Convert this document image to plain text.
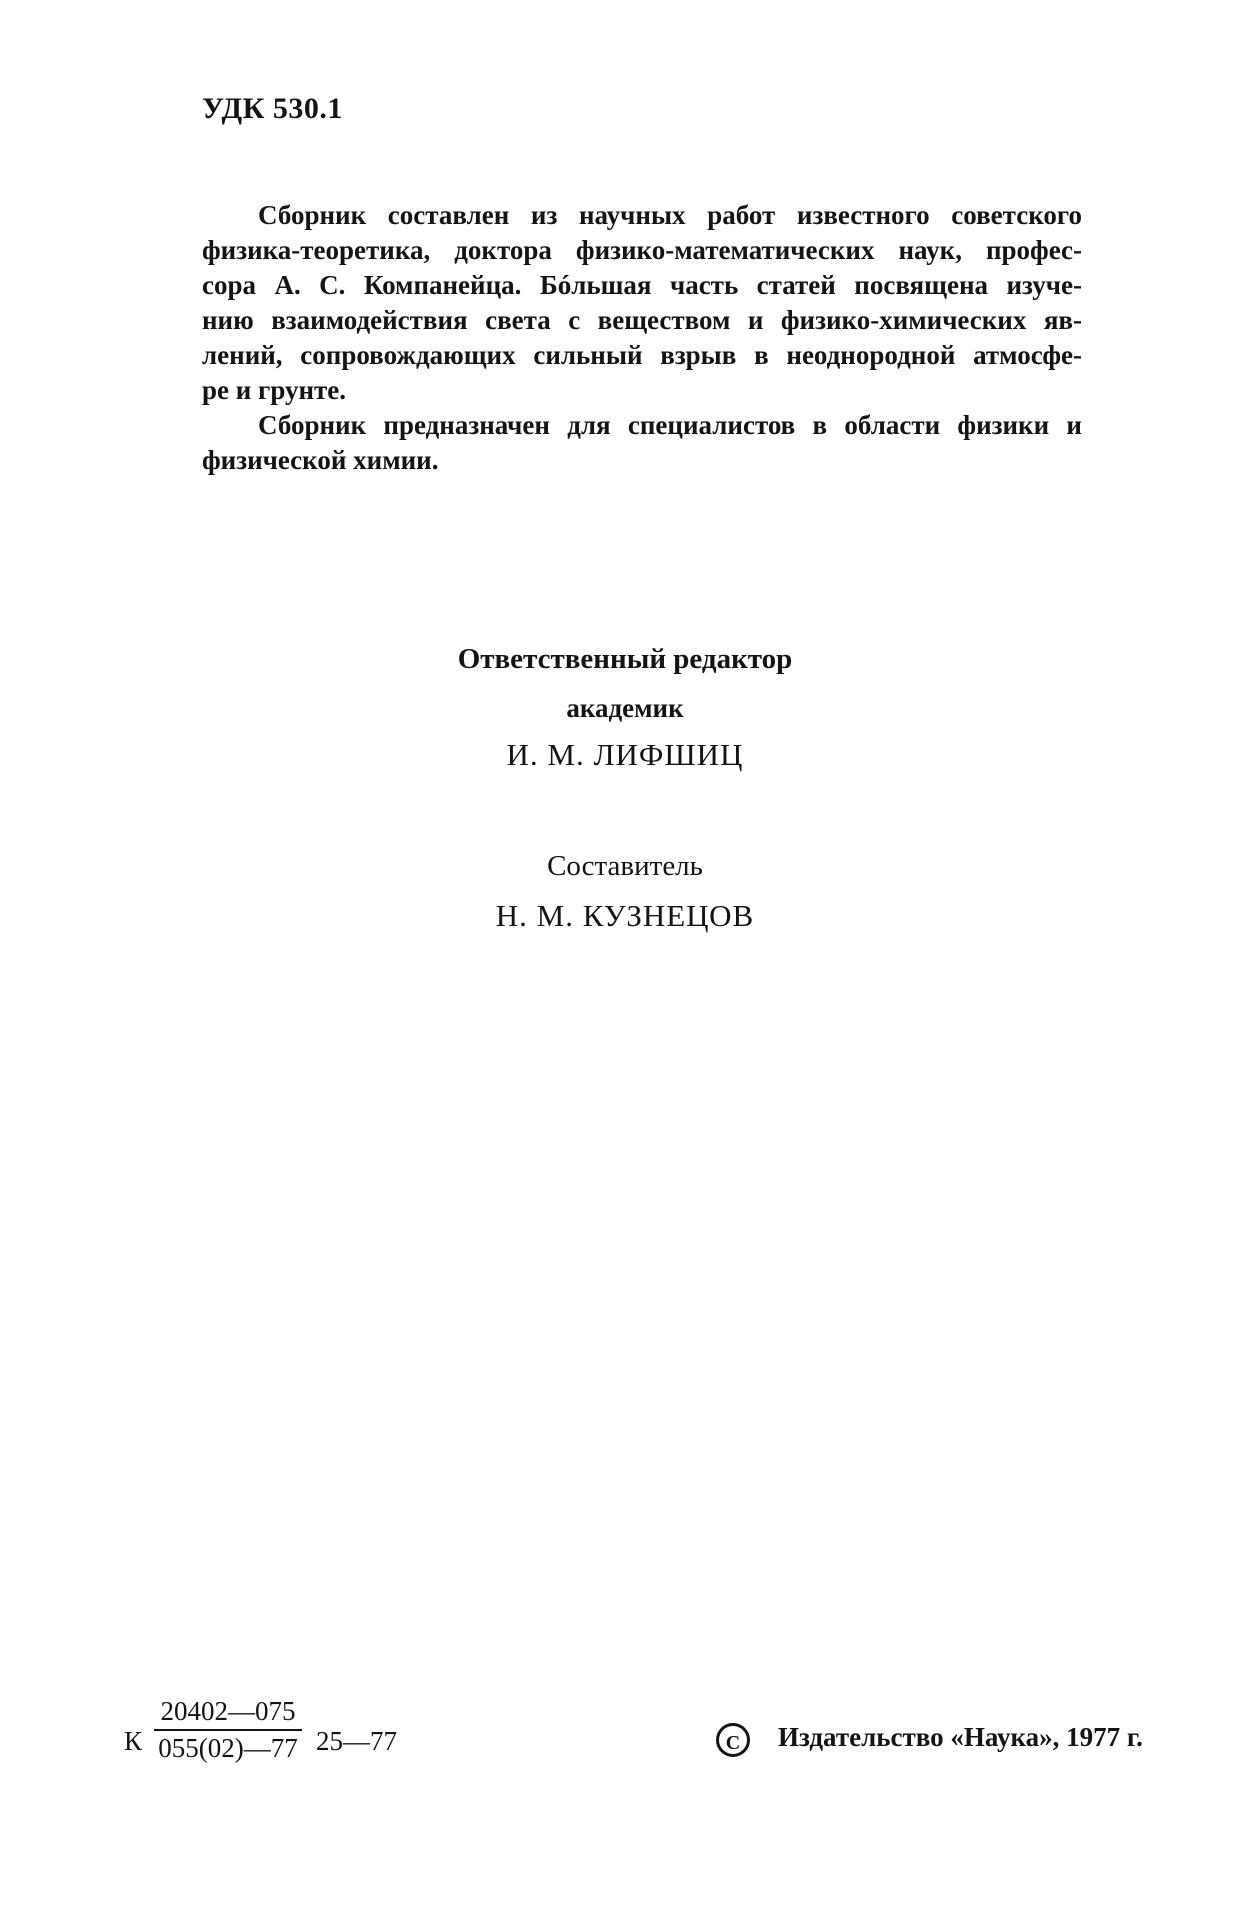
УДК 530.1

Сборник составлен из научных работ известного советского

физика-теоретика, доктора физико-математических наук, профес-

сора А. С. Компанейца. Бóльшая часть статей посвящена изуче-

нию взаимодействия света с веществом и физико-химических яв-

лений, сопровождающих сильный взрыв в неоднородной атмосфе-

ре и грунте.

Сборник предназначен для специалистов в области физики и

физической химии.

Ответственный редактор
академик
И. М. ЛИФШИЦ
Составитель
Н. М. КУЗНЕЦОВ
К
20402—075
055(02)—77 25—77	С Издательство «Наука», 1977 г.
